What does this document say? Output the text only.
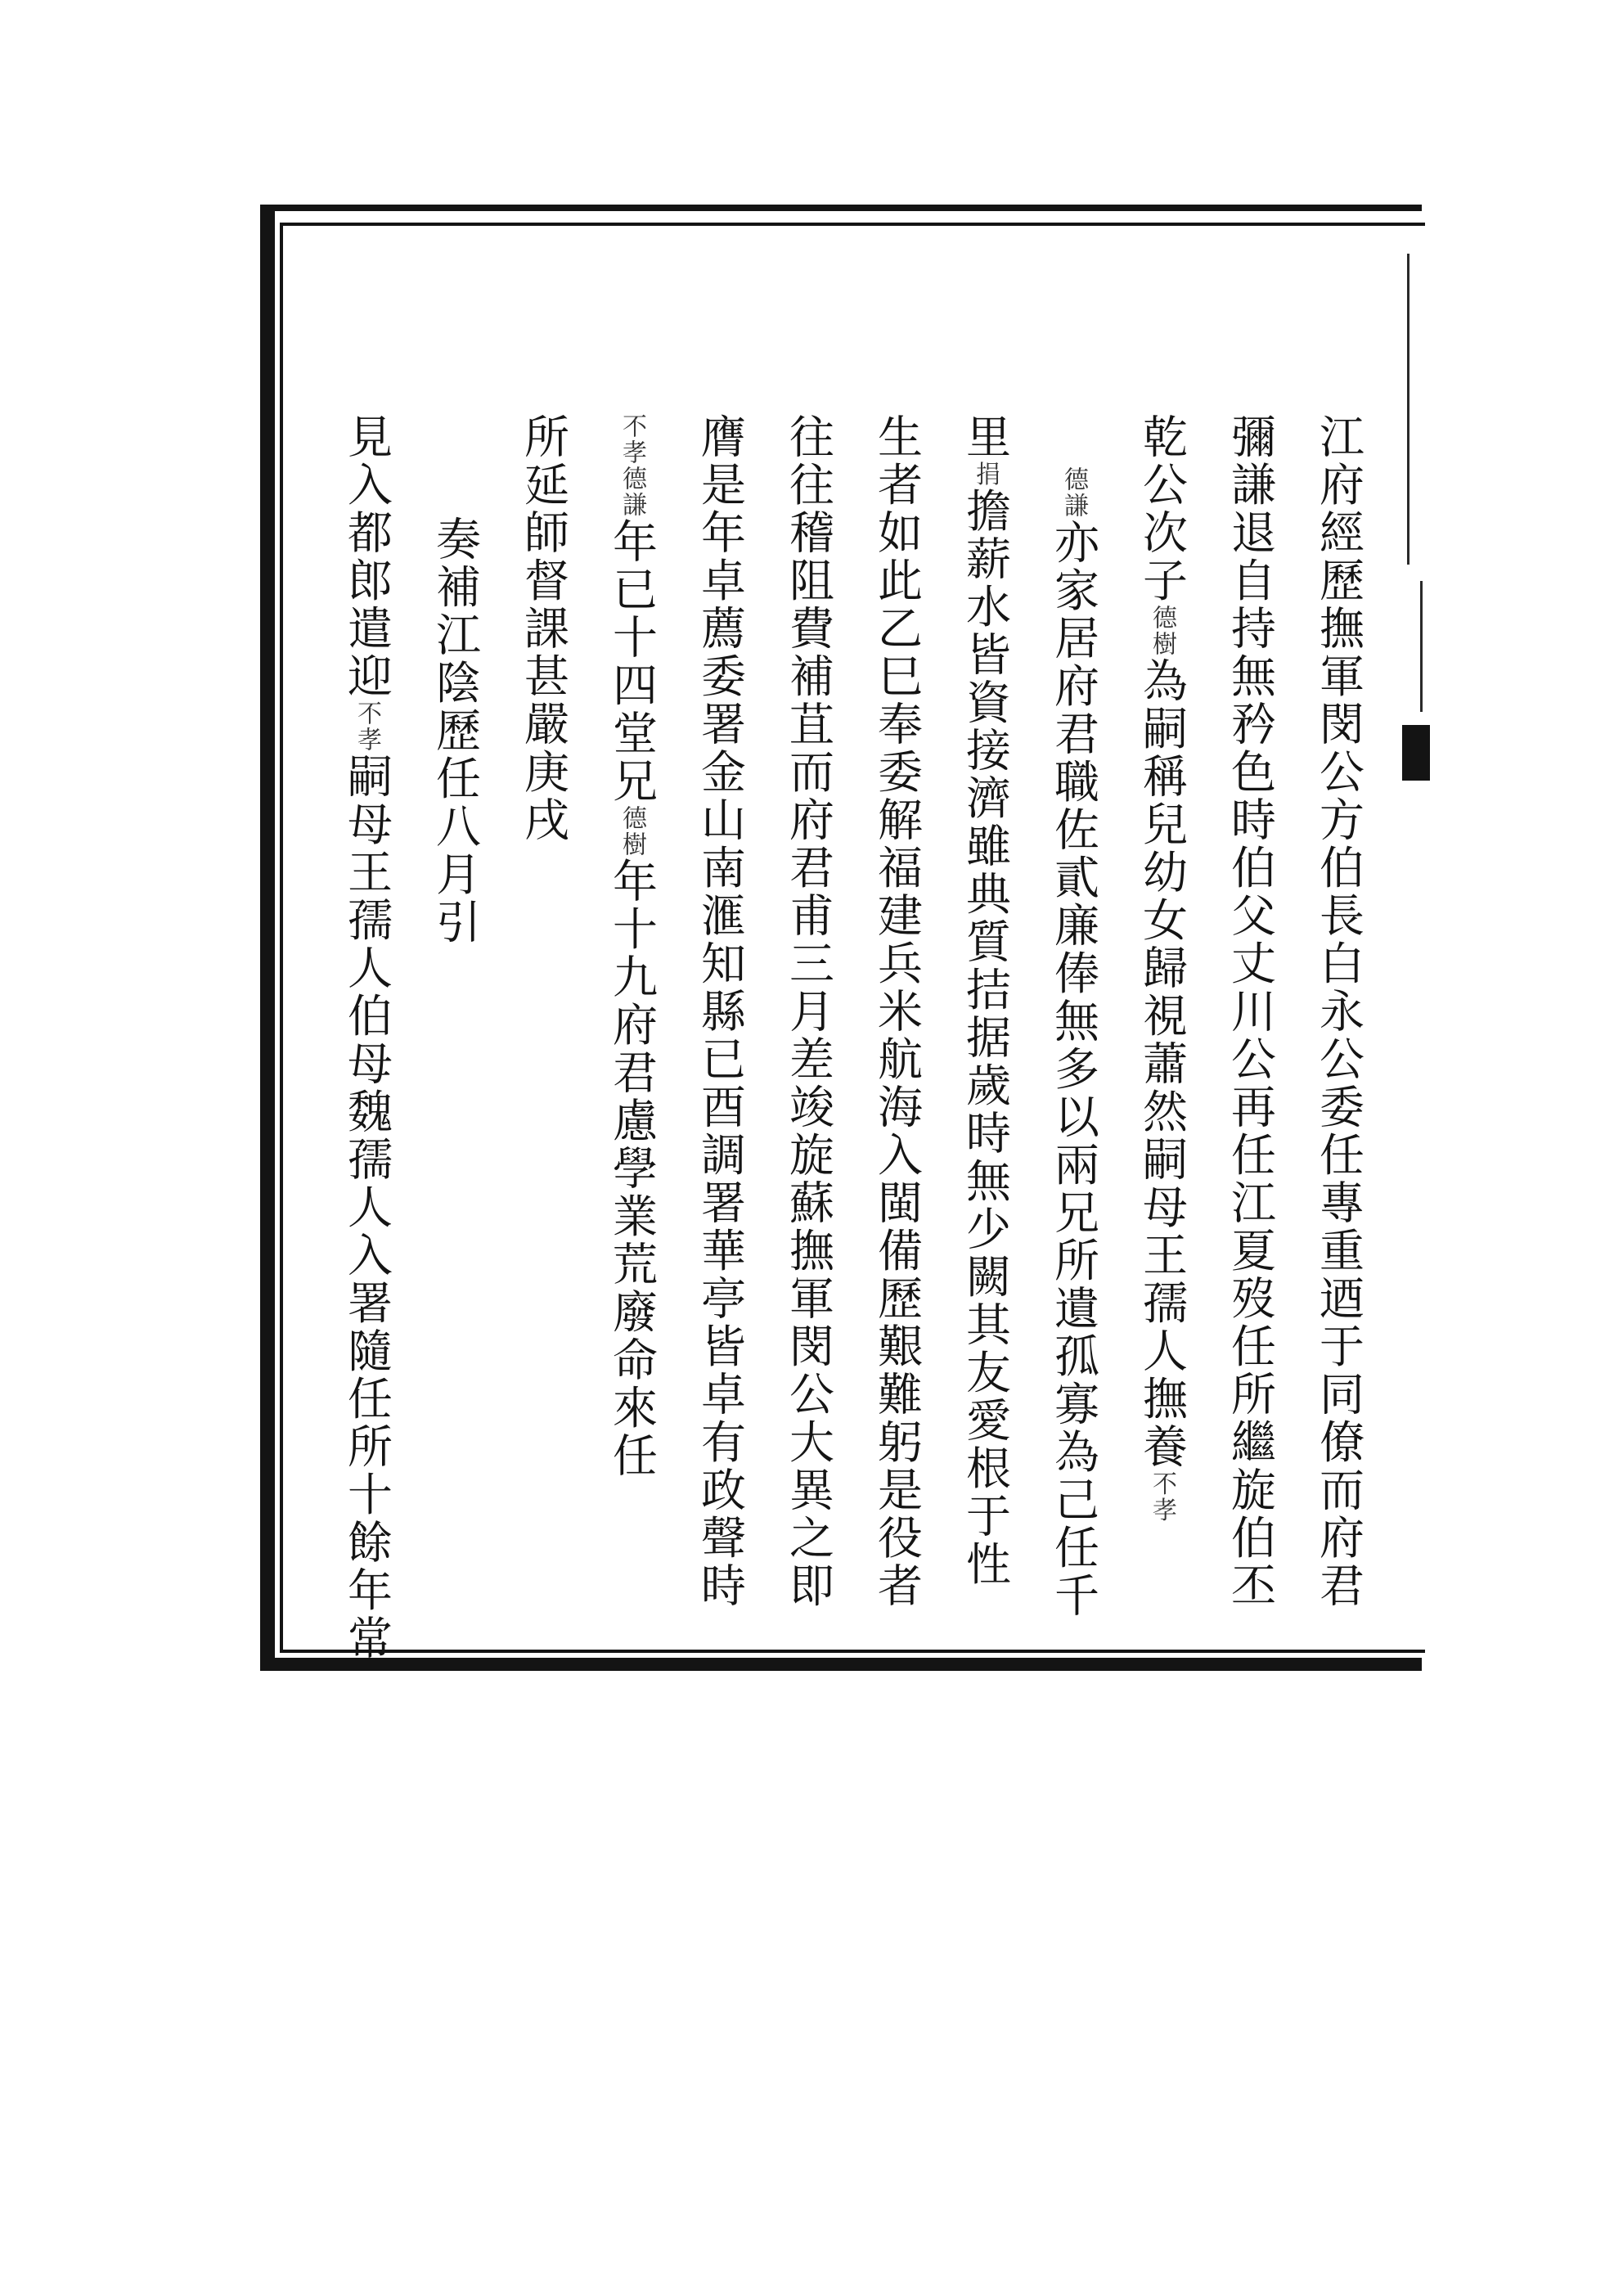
江府經歷撫軍閔公方伯長白永公委任專重迺于同僚而府君
彌謙退自持無矜色時伯父丈川公再任江夏歿任所繼旋伯丕
乾公次子德樹為嗣稱兒幼女歸視蕭然嗣母王孺人撫養不孝
德謙亦家居府君職佐貳廉俸無多以兩兄所遺孤寡為己任千
里捐擔薪水皆資接濟雖典質拮据歲時無少闕其友愛根于性
生者如此乙巳奉委解福建兵米航海入閩備歷艱難躬是役者
往往稽阻費補苴而府君甫三月差竣旋蘇撫軍閔公大異之即
膺是年卓薦委署金山南滙知縣已酉調署華亭皆卓有政聲時
不孝德謙年已十四堂兄德樹年十九府君慮學業荒廢命來任
所延師督課甚嚴庚戌
奏補江陰歷任八月引
見入都郎遣迎不孝嗣母王孺人伯母魏孺人入署隨任所十餘年常
